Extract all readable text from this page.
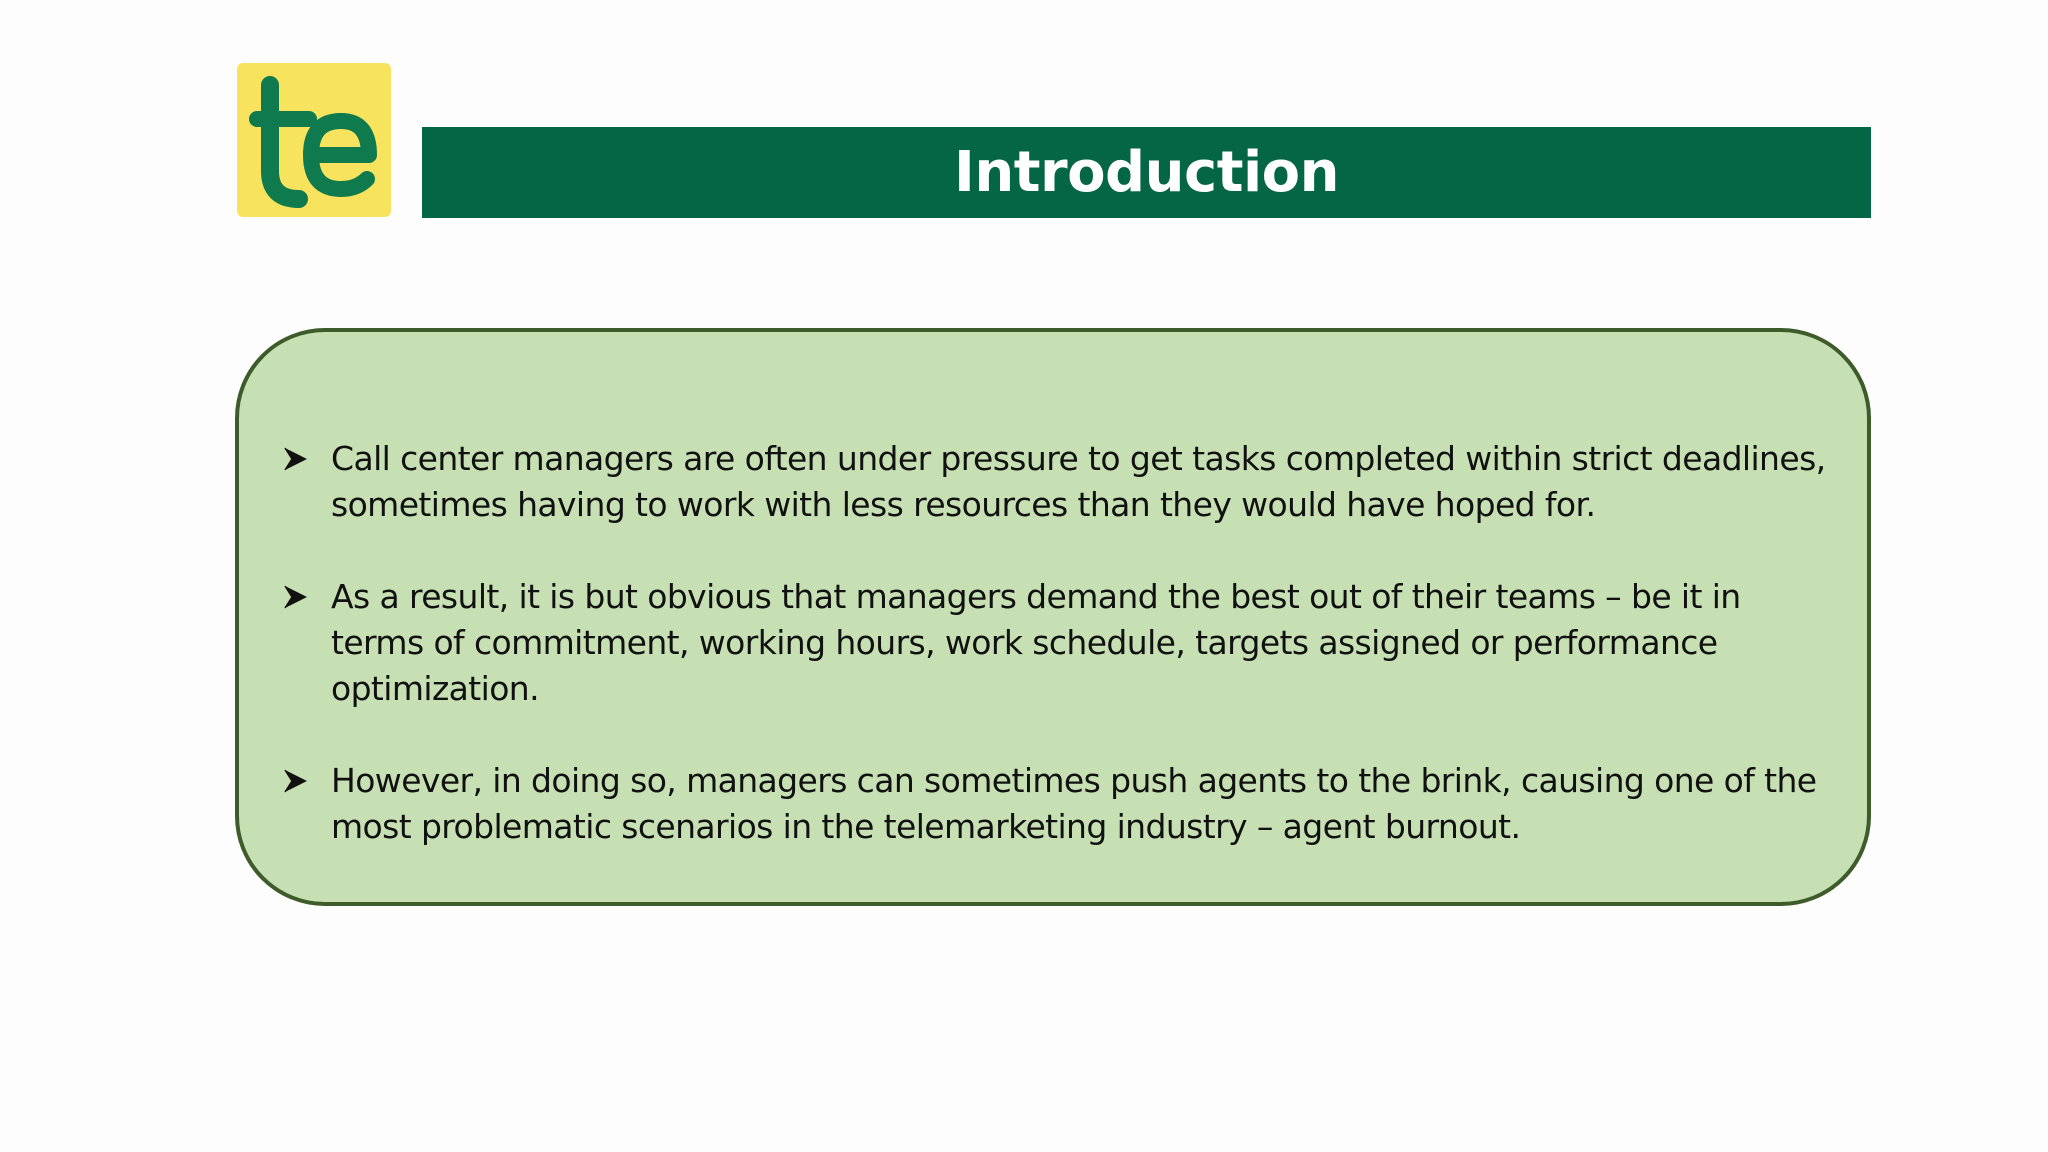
Introduction
Call center managers are often under pressure to get tasks completed within strict deadlines, sometimes having to work with less resources than they would have hoped for.
As a result, it is but obvious that managers demand the best out of their teams – be it in terms of commitment, working hours, work schedule, targets assigned or performance optimization.
However, in doing so, managers can sometimes push agents to the brink, causing one of the most problematic scenarios in the telemarketing industry – agent burnout.
